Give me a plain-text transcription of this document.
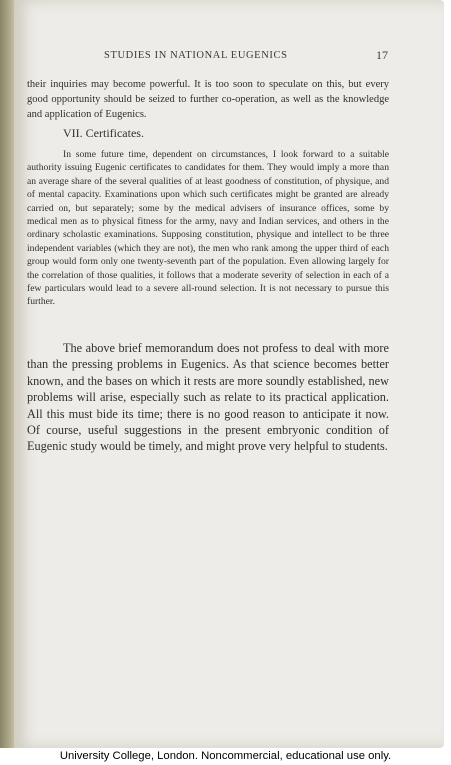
STUDIES IN NATIONAL EUGENICS	17
their inquiries may become powerful. It is too soon to speculate on this, but every good opportunity should be seized to further co-operation, as well as the knowledge and application of Eugenics.
VII. Certificates.
In some future time, dependent on circumstances, I look forward to a suitable authority issuing Eugenic certificates to candidates for them. They would imply a more than an average share of the several qualities of at least goodness of constitution, of physique, and of mental capacity. Examinations upon which such certificates might be granted are already carried on, but separately; some by the medical advisers of insurance offices, some by medical men as to physical fitness for the army, navy and Indian services, and others in the ordinary scholastic examinations. Supposing constitution, physique and intellect to be three independent variables (which they are not), the men who rank among the upper third of each group would form only one twenty-seventh part of the population. Even allowing largely for the correlation of those qualities, it follows that a moderate severity of selection in each of a few particulars would lead to a severe all-round selection. It is not necessary to pursue this further.
The above brief memorandum does not profess to deal with more than the pressing problems in Eugenics. As that science becomes better known, and the bases on which it rests are more soundly established, new problems will arise, especially such as relate to its practical application. All this must bide its time; there is no good reason to anticipate it now. Of course, useful suggestions in the present embryonic condition of Eugenic study would be timely, and might prove very helpful to students.
University College, London. Noncommercial, educational use only.
